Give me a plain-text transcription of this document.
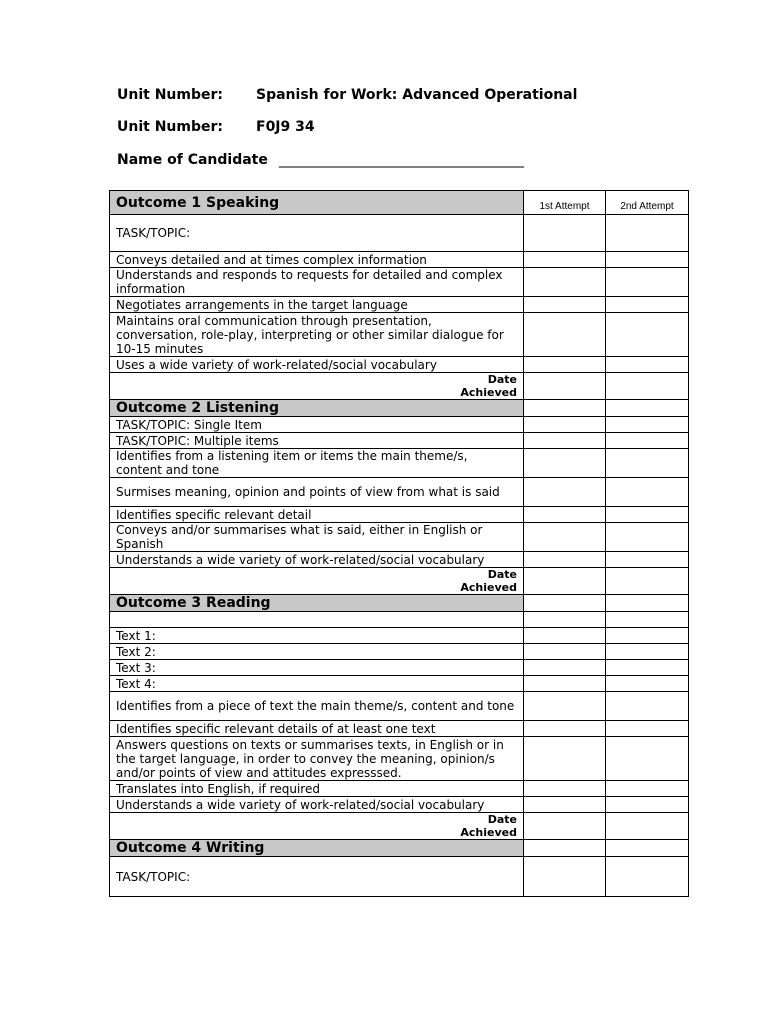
Unit Number: Spanish for Work: Advanced Operational
Unit Number: F0J9 34
Name of Candidate ___________________________________
Outcome 1 Speaking	1st Attempt	2nd Attempt
TASK/TOPIC:		
Conveys detailed and at times complex information		
Understands and responds to requests for detailed and complex information		
Negotiates arrangements in the target language		
Maintains oral communication through presentation, conversation, role-play, interpreting or other similar dialogue for 10-15 minutes		
Uses a wide variety of work-related/social vocabulary		
Date
Achieved		
Outcome 2 Listening		
TASK/TOPIC: Single Item		
TASK/TOPIC: Multiple items		
Identifies from a listening item or items the main theme/s, content and tone		
Surmises meaning, opinion and points of view from what is said		
Identifies specific relevant detail		
Conveys and/or summarises what is said, either in English or Spanish		
Understands a wide variety of work-related/social vocabulary		
Date
Achieved		
Outcome 3 Reading		

Text 1:		
Text 2:		
Text 3:		
Text 4:		
Identifies from a piece of text the main theme/s, content and tone		
Identifies specific relevant details of at least one text		
Answers questions on texts or summarises texts, in English or in the target language, in order to convey the meaning, opinion/s and/or points of view and attitudes expresssed.		
Translates into English, if required		
Understands a wide variety of work-related/social vocabulary		
Date
Achieved		
Outcome 4 Writing		
TASK/TOPIC:		
